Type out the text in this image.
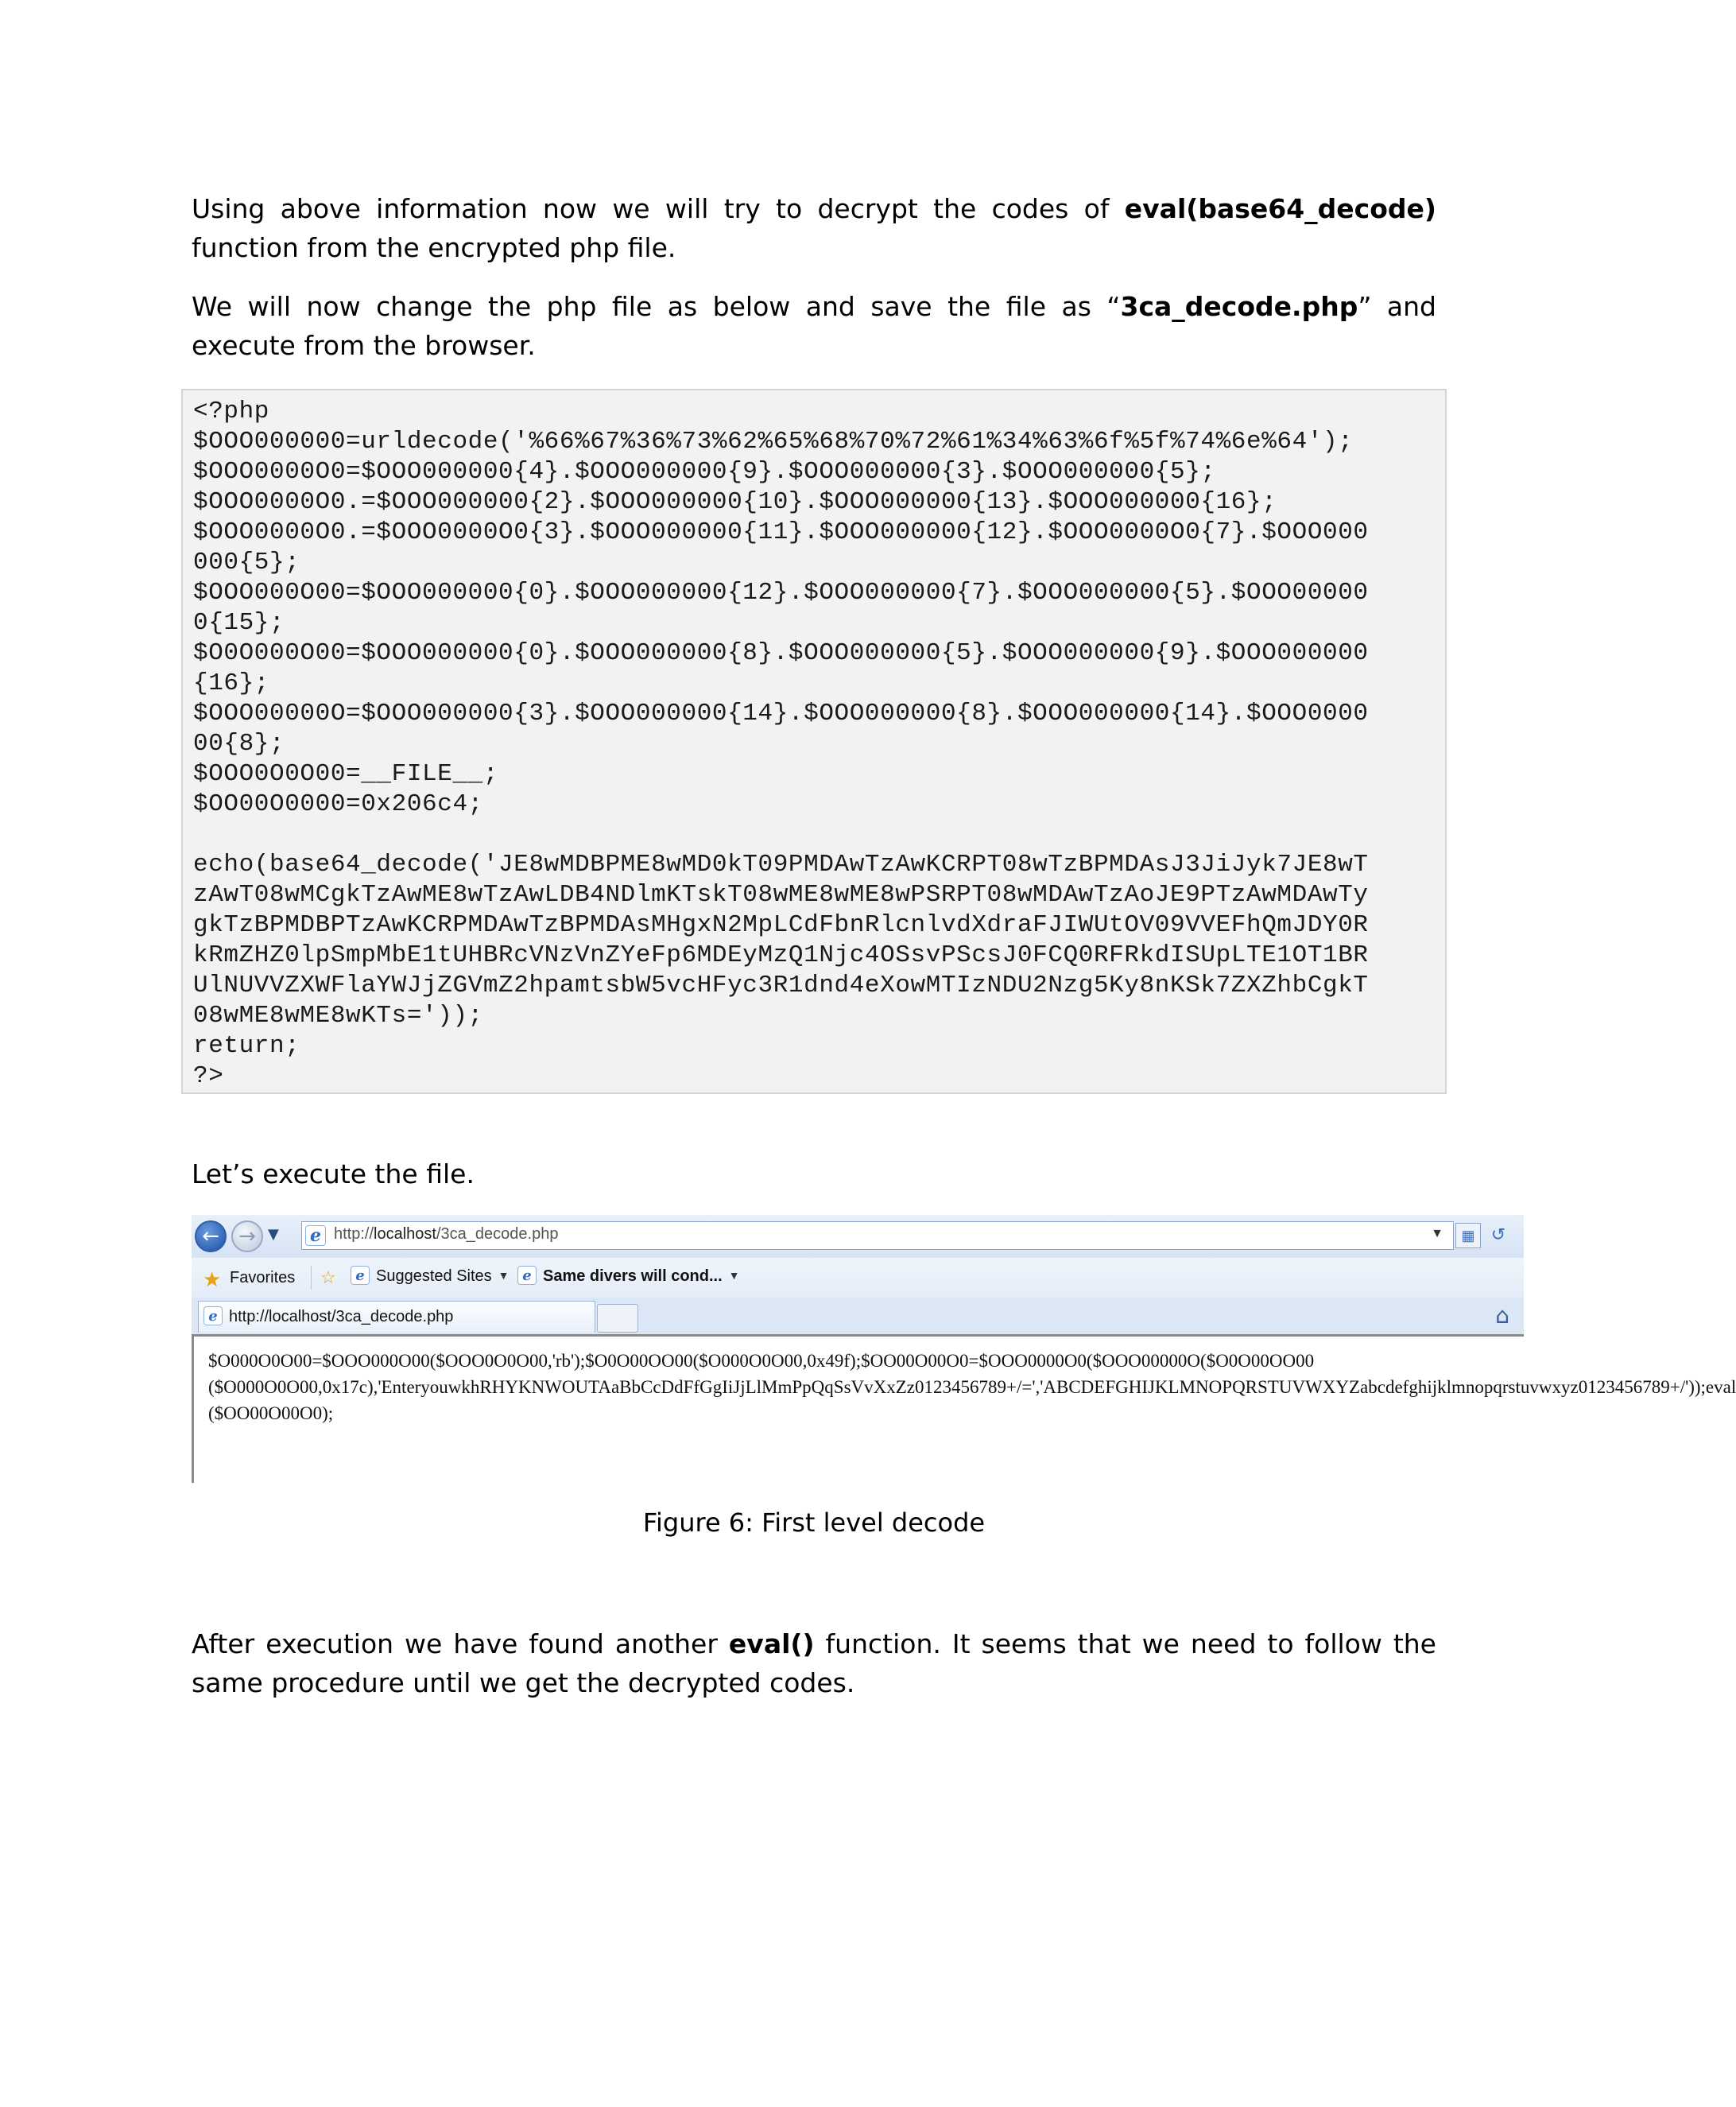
Using above information now we will try to decrypt the codes of eval(base64_decode) function from the encrypted php file.

We will now change the php file as below and save the file as “3ca_decode.php” and execute from the browser.

<?php
$OOO000000=urldecode('%66%67%36%73%62%65%68%70%72%61%34%63%6f%5f%74%6e%64');
$OOO0000O0=$OOO000000{4}.$OOO000000{9}.$OOO000000{3}.$OOO000000{5};
$OOO0000O0.=$OOO000000{2}.$OOO000000{10}.$OOO000000{13}.$OOO000000{16};
$OOO0000O0.=$OOO0000O0{3}.$OOO000000{11}.$OOO000000{12}.$OOO0000O0{7}.$OOO000
000{5};
$OOO000O00=$OOO000000{0}.$OOO000000{12}.$OOO000000{7}.$OOO000000{5}.$OOO00000
0{15};
$O0O000O00=$OOO000000{0}.$OOO000000{8}.$OOO000000{5}.$OOO000000{9}.$OOO000000
{16};
$OOO00000O=$OOO000000{3}.$OOO000000{14}.$OOO000000{8}.$OOO000000{14}.$OOO0000
00{8};
$OOO0O0O00=__FILE__;
$OO00O0000=0x206c4;

echo(base64_decode('JE8wMDBPME8wMD0kT09PMDAwTzAwKCRPT08wTzBPMDAsJ3JiJyk7JE8wT
zAwT08wMCgkTzAwME8wTzAwLDB4NDlmKTskT08wME8wME8wPSRPT08wMDAwTzAoJE9PTzAwMDAwTy
gkTzBPMDBPTzAwKCRPMDAwTzBPMDAsMHgxN2MpLCdFbnRlcnlvdXdraFJIWUtOV09VVEFhQmJDY0R
kRmZHZ0lpSmpMbE1tUHBRcVNzVnZYeFp6MDEyMzQ1Njc4OSsvPScsJ0FCQ0RFRkdISUpLTE1OT1BR
UlNUVVZXWFlaYWJjZGVmZ2hpamtsbW5vcHFyc3R1dnd4eXowMTIzNDU2Nzg5Ky8nKSk7ZXZhbCgkT
08wME8wME8wKTs='));
return;
?>

Let’s execute the file.

← → ▼ e http://localhost/3ca_decode.php	▼	▦ ↺
★ Favorites ☆	e Suggested Sites ▼ e Same divers will cond... ▼
e http://localhost/3ca_decode.php	⌂
$O000O0O00=$OOO000O00($OOO0O0O00,'rb');$O0O00OO00($O000O0O00,0x49f);$OO00O00O0=$OOO0000O0($OOO00000O($O0O00OO00
($O000O0O00,0x17c),'EnteryouwkhRHYKNWOUTAaBbCcDdFfGgIiJjLlMmPpQqSsVvXxZz0123456789+/=','ABCDEFGHIJKLMNOPQRSTUVWXYZabcdefghijklmnopqrstuvwxyz0123456789+/'));eval
($OO00O00O0);
Figure 6: First level decode

After execution we have found another eval() function. It seems that we need to follow the same procedure until we get the decrypted codes.
